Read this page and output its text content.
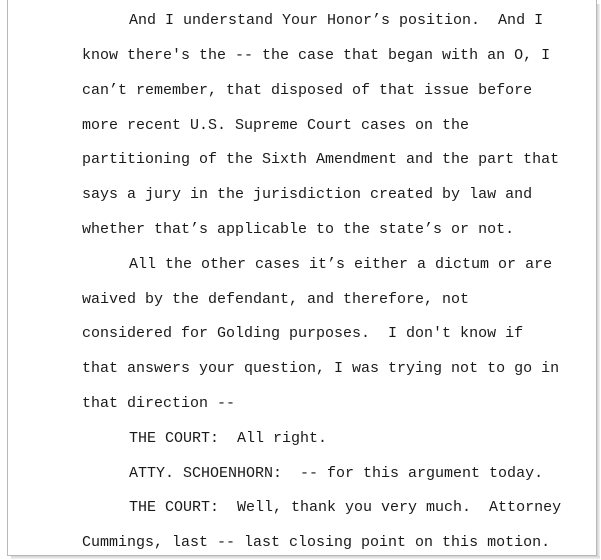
And I understand Your Honor’s position.  And I
know there's the -- the case that began with an O, I
can’t remember, that disposed of that issue before
more recent U.S. Supreme Court cases on the
partitioning of the Sixth Amendment and the part that
says a jury in the jurisdiction created by law and
whether that’s applicable to the state’s or not.
All the other cases it’s either a dictum or are
waived by the defendant, and therefore, not
considered for Golding purposes.  I don't know if
that answers your question, I was trying not to go in
that direction --
THE COURT:  All right.
ATTY. SCHOENHORN:  -- for this argument today.
THE COURT:  Well, thank you very much.  Attorney
Cummings, last -- last closing point on this motion.
